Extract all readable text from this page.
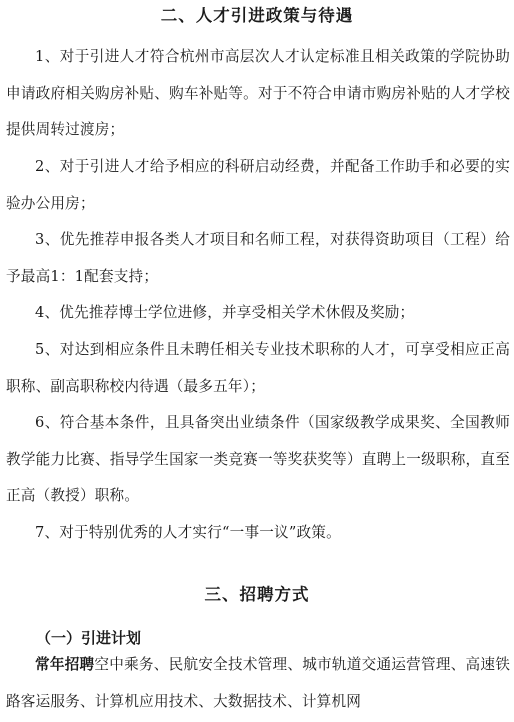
二、人才引进政策与待遇

1、对于引进人才符合杭州市高层次人才认定标准且相关政策的学院协助申请政府相关购房补贴、购车补贴等。对于不符合申请市购房补贴的人才学校提供周转过渡房；

2、对于引进人才给予相应的科研启动经费，并配备工作助手和必要的实验办公用房；

3、优先推荐申报各类人才项目和名师工程，对获得资助项目（工程）给予最高1：1配套支持；

4、优先推荐博士学位进修，并享受相关学术休假及奖励；

5、对达到相应条件且未聘任相关专业技术职称的人才，可享受相应正高职称、副高职称校内待遇（最多五年）；

6、符合基本条件，且具备突出业绩条件（国家级教学成果奖、全国教师教学能力比赛、指导学生国家一类竞赛一等奖获奖等）直聘上一级职称，直至正高（教授）职称。

7、对于特别优秀的人才实行“一事一议”政策。

三、招聘方式
（一）引进计划

常年招聘空中乘务、民航安全技术管理、城市轨道交通运营管理、高速铁路客运服务、计算机应用技术、大数据技术、计算机网
